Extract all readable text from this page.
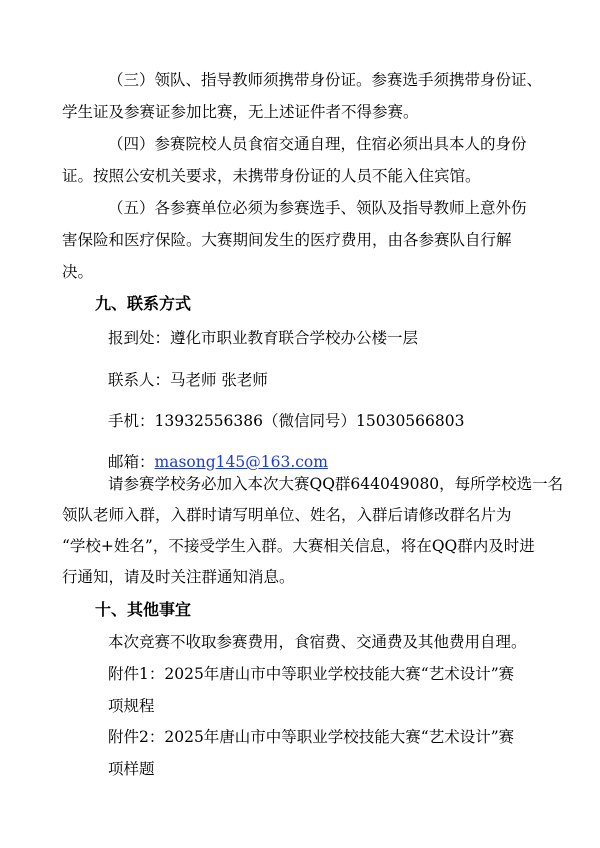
（三）领队、指导教师须携带身份证。参赛选手须携带身份证、
学生证及参赛证参加比赛，无上述证件者不得参赛。
（四）参赛院校人员食宿交通自理，住宿必须出具本人的身份
证。按照公安机关要求，未携带身份证的人员不能入住宾馆。
（五）各参赛单位必须为参赛选手、领队及指导教师上意外伤
害保险和医疗保险。大赛期间发生的医疗费用，由各参赛队自行解
决。
九、联系方式
报到处：遵化市职业教育联合学校办公楼一层
联系人：马老师 张老师
手机：13932556386（微信同号） 15030566803
邮箱：masong145@163.com
请参赛学校务必加入本次大赛QQ群644049080，每所学校选一名
领队老师入群，入群时请写明单位、姓名，入群后请修改群名片为
“学校+姓名”，不接受学生入群。大赛相关信息，将在QQ群内及时进
行通知，请及时关注群通知消息。
十、其他事宜
本次竞赛不收取参赛费用，食宿费、交通费及其他费用自理。
附件1：2025年唐山市中等职业学校技能大赛“艺术设计”赛
项规程
附件2：2025年唐山市中等职业学校技能大赛“艺术设计”赛
项样题
